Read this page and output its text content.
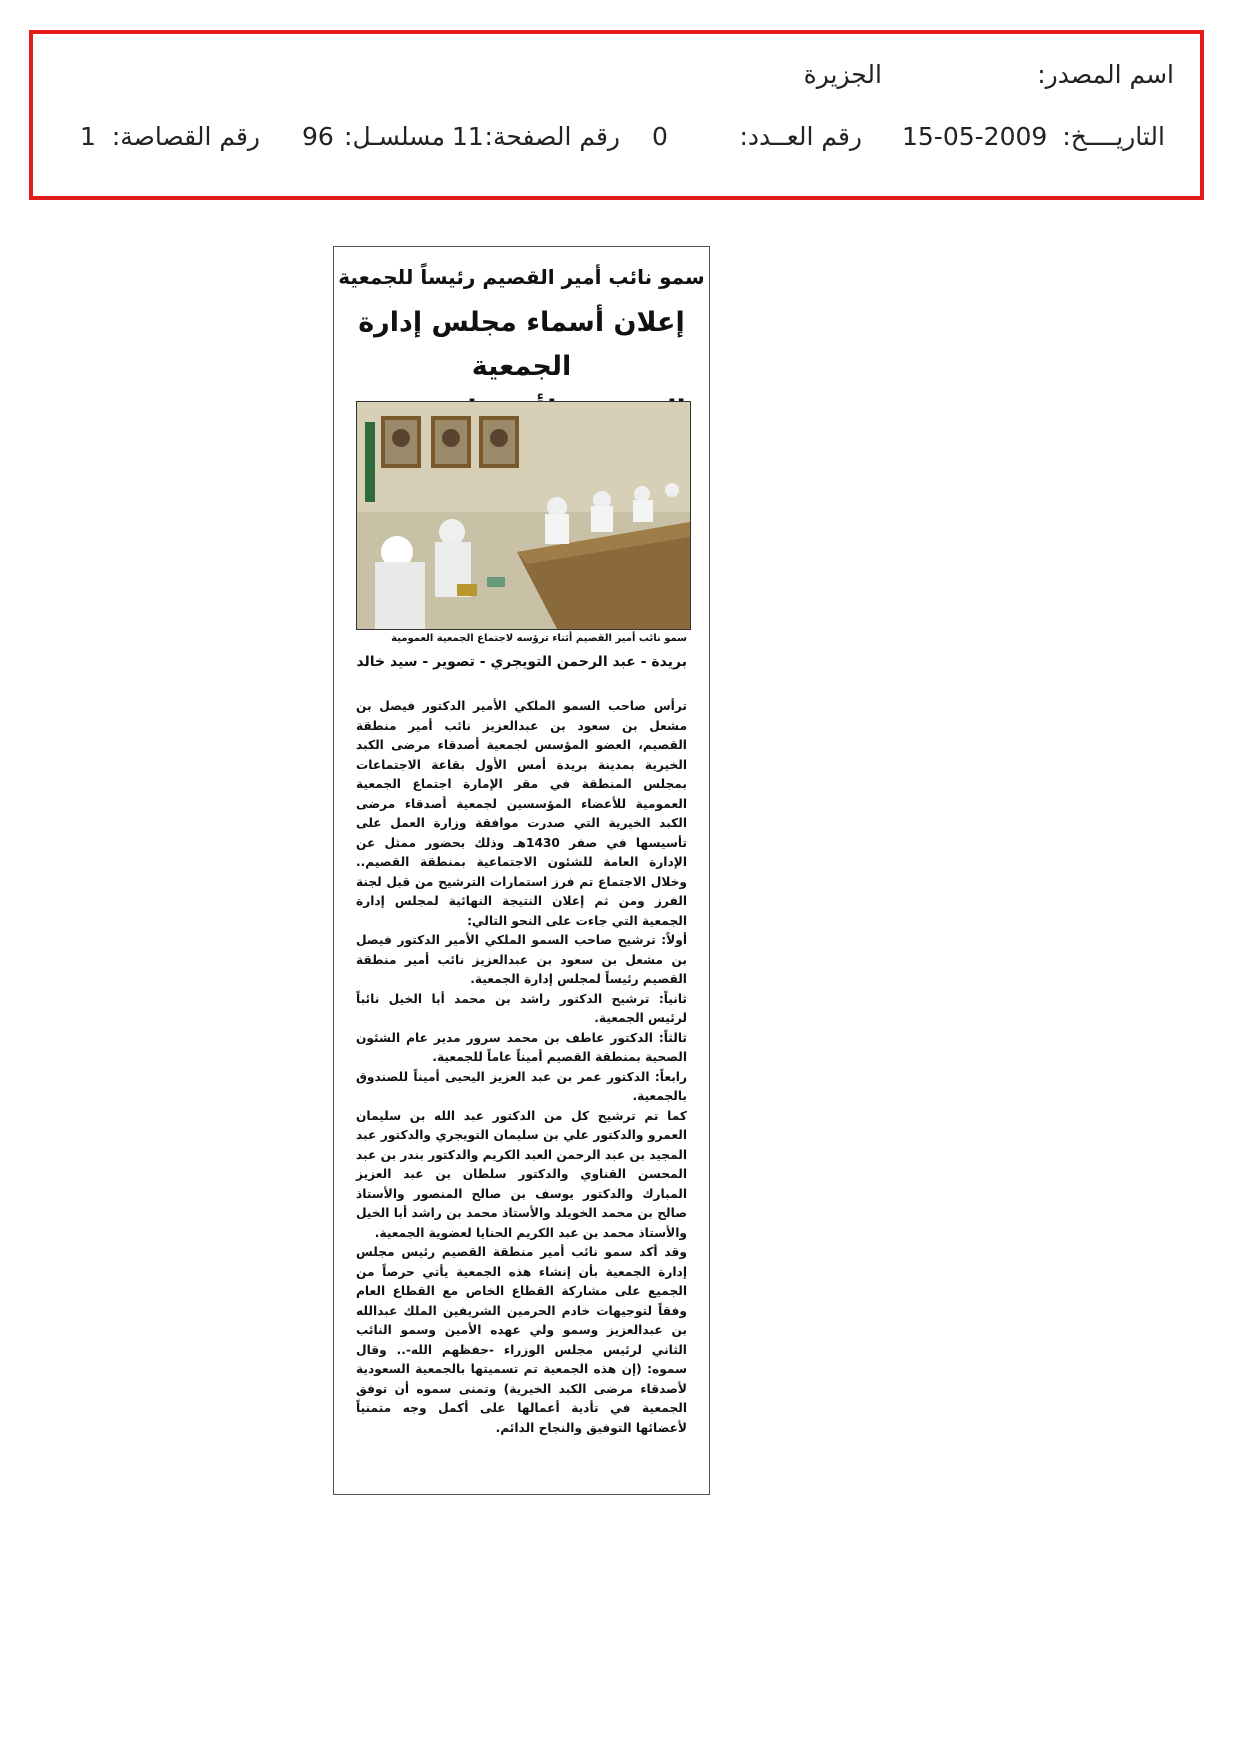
اسم المصدر:
الجزيرة
التاريــــخ:
15-05-2009
رقم العــدد:
0
رقم الصفحة:
11
مسلسـل:
96
رقم القصاصة:
1
سمو نائب أمير القصيم رئيساً للجمعية
إعلان أسماء مجلس إدارة الجمعية
سمو نائب أمير القصيم أثناء ترؤسه لاجتماع الجمعية العمومية
بريدة - عبد الرحمن التويجري - تصوير - سيد خالد

ترأس صاحب السمو الملكي الأمير الدكتور فيصل بن مشعل بن سعود بن عبدالعزيز نائب أمير منطقة القصيم، العضو المؤسس لجمعية أصدقاء مرضى الكبد الخيرية بمدينة بريدة أمس الأول بقاعة الاجتماعات بمجلس المنطقة في مقر الإمارة اجتماع الجمعية العمومية للأعضاء المؤسسين لجمعية أصدقاء مرضى الكبد الخيرية التي صدرت موافقة وزارة العمل على تأسيسها في صفر 1430هـ وذلك بحضور ممثل عن الإدارة العامة للشئون الاجتماعية بمنطقة القصيم.. وخلال الاجتماع تم فرز استمارات الترشيح من قبل لجنة الفرز ومن ثم إعلان النتيجة النهائية لمجلس إدارة الجمعية التي جاءت على النحو التالي:

أولاً: ترشيح صاحب السمو الملكي الأمير الدكتور فيصل بن مشعل بن سعود بن عبدالعزيز نائب أمير منطقة القصيم رئيساً لمجلس إدارة الجمعية.

ثانياً: ترشيح الدكتور راشد بن محمد أبا الخيل نائباً لرئيس الجمعية.

ثالثاً: الدكتور عاطف بن محمد سرور مدير عام الشئون الصحية بمنطقة القصيم أميناً عاماً للجمعية.

رابعاً: الدكتور عمر بن عبد العزيز اليحيى أميناً للصندوق بالجمعية.

كما تم ترشيح كل من الدكتور عبد الله بن سليمان العمرو والدكتور علي بن سليمان التويجري والدكتور عبد المجيد بن عبد الرحمن العبد الكريم والدكتور بندر بن عبد المحسن القناوي والدكتور سلطان بن عبد العزيز المبارك والدكتور يوسف بن صالح المنصور والأستاذ صالح بن محمد الخويلد والأستاذ محمد بن راشد أبا الخيل والأستاذ محمد بن عبد الكريم الحنايا لعضوية الجمعية.

وقد أكد سمو نائب أمير منطقة القصيم رئيس مجلس إدارة الجمعية بأن إنشاء هذه الجمعية يأتي حرصاً من الجميع على مشاركة القطاع الخاص مع القطاع العام وفقاً لتوجيهات خادم الحرمين الشريفين الملك عبدالله بن عبدالعزيز وسمو ولي عهده الأمين وسمو النائب الثاني لرئيس مجلس الوزراء -حفظهم الله-.. وقال سموه: (إن هذه الجمعية تم تسميتها بالجمعية السعودية لأصدقاء مرضى الكبد الخيرية) وتمنى سموه أن توفق الجمعية في تأدية أعمالها على أكمل وجه متمنياً لأعضائها التوفيق والنجاح الدائم.
